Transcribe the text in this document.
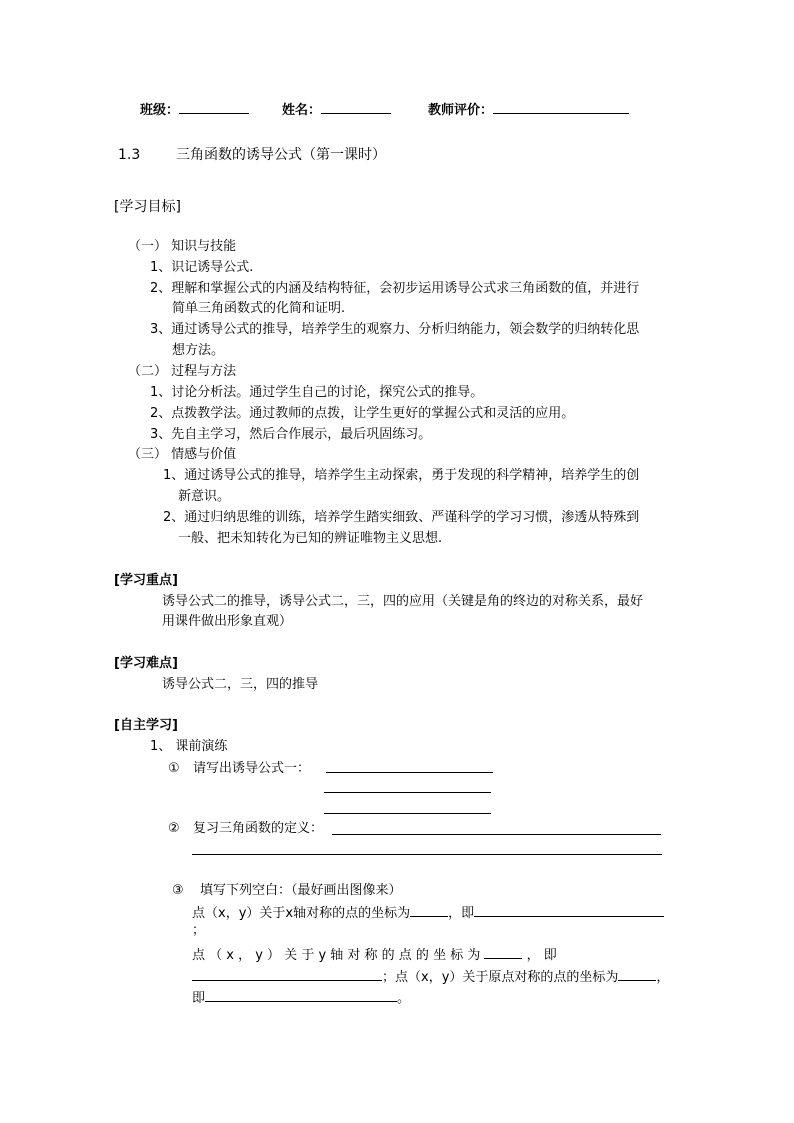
班级：	姓名：	教师评价：
1.3	三角函数的诱导公式（第一课时）
[学习目标]
（一） 知识与技能
1、识记诱导公式.
2、理解和掌握公式的内涵及结构特征，会初步运用诱导公式求三角函数的值，并进行
简单三角函数式的化简和证明.
3、通过诱导公式的推导，培养学生的观察力、分析归纳能力，领会数学的归纳转化思
想方法。
（二） 过程与方法
1、讨论分析法。通过学生自己的讨论，探究公式的推导。
2、点拨教学法。通过教师的点拨，让学生更好的掌握公式和灵活的应用。
3、先自主学习，然后合作展示，最后巩固练习。
（三） 情感与价值
1、通过诱导公式的推导，培养学生主动探索，勇于发现的科学精神，培养学生的创
新意识。
2、通过归纳思维的训练，培养学生踏实细致、严谨科学的学习习惯，渗透从特殊到
一般、把未知转化为已知的辨证唯物主义思想.
[学习重点]
诱导公式二的推导，诱导公式二，三，四的应用（关键是角的终边的对称关系，最好
用课件做出形象直观）
[学习难点]
诱导公式二，三，四的推导
[自主学习]
1、 课前演练
① 请写出诱导公式一：
② 复习三角函数的定义：
③ 填写下列空白：（最好画出图像来）
点（x，y）关于x轴对称的点的坐标为	，即
；
点 （ x ， y ） 关 于 y 轴 对 称 的 点 的 坐 标 为	， 即
；点（x，y）关于原点对称的点的坐标为	，
即	。
